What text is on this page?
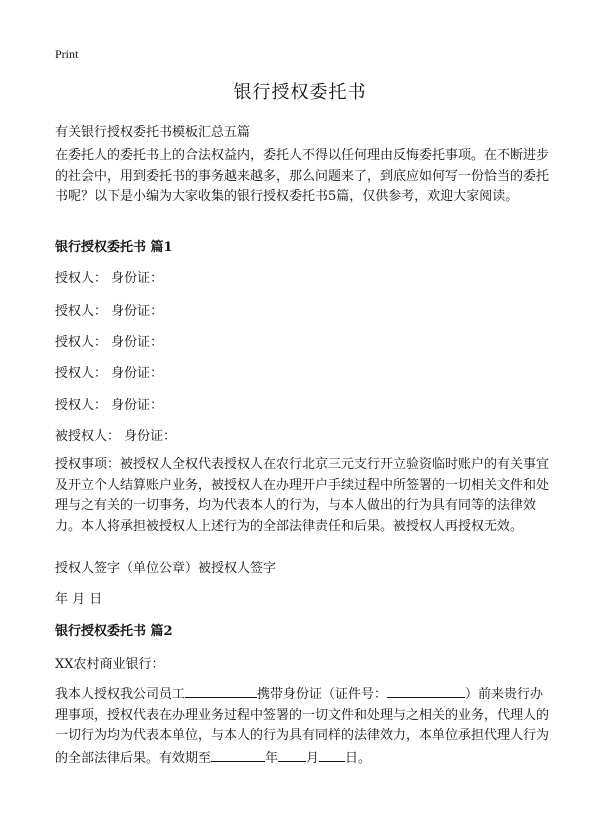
Print
银行授权委托书
有关银行授权委托书模板汇总五篇
在委托人的委托书上的合法权益内，委托人不得以任何理由反悔委托事项。在不断进步的社会中，用到委托书的事务越来越多，那么问题来了，到底应如何写一份恰当的委托书呢？以下是小编为大家收集的银行授权委托书5篇，仅供参考，欢迎大家阅读。
银行授权委托书 篇1
授权人： 身份证：
授权人： 身份证：
授权人： 身份证：
授权人： 身份证：
授权人： 身份证：
被授权人： 身份证：
授权事项：被授权人全权代表授权人在农行北京三元支行开立验资临时账户的有关事宜及开立个人结算账户业务，被授权人在办理开户手续过程中所签署的一切相关文件和处理与之有关的一切事务，均为代表本人的行为，与本人做出的行为具有同等的法律效力。本人将承担被授权人上述行为的全部法律责任和后果。被授权人再授权无效。
授权人签字（单位公章）被授权人签字
年 月 日
银行授权委托书 篇2
XX农村商业银行：
我本人授权我公司员工	携带身份证（证件号：	）前来贵行办理事项，授权代表在办理业务过程中签署的一切文件和处理与之相关的业务，代理人的一切行为均为代表本单位，与本人的行为具有同样的法律效力，本单位承担代理人行为的全部法律后果。有效期至	年 月 日。
